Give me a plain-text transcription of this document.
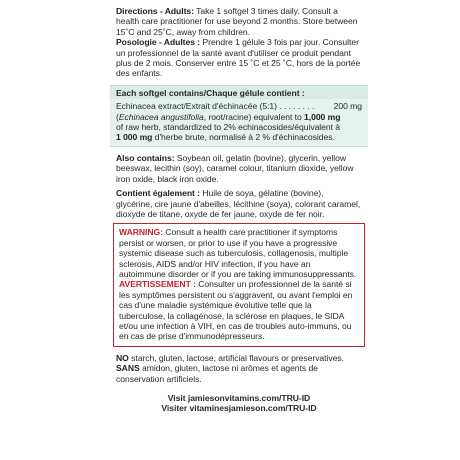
Directions - Adults: Take 1 softgel 3 times daily. Consult a health care practitioner for use beyond 2 months. Store between 15˚C and 25˚C, away from children.

Posologie - Adultes : Prendre 1 gélule 3 fois par jour. Consulter un professionnel de la santé avant d'utiliser ce produit pendant plus de 2 mois. Conserver entre 15 ˚C et 25 ˚C, hors de la portée des enfants.

Each softgel contains/Chaque gélule contient :
Echinacea extract/Extrait d'échinacée (5:1) . . . . . . . . 200 mg
(Echinacea angustifolia, root/racine) equivalent to 1,000 mg
of raw herb, standardized to 2% echinacosides/équivalent à
1 000 mg d'herbe brute, normalisé à 2 % d'échinacosides.

Also contains: Soybean oil, gelatin (bovine), glycerin, yellow beeswax, lecithin (soy), caramel colour, titanium dioxide, yellow iron oxide, black iron oxide.

Contient également : Huile de soya, gélatine (bovine), glycérine, cire jaune d'abeilles, lécithine (soya), colorant caramel, dioxyde de titane, oxyde de fer jaune, oxyde de fer noir.

WARNING: Consult a health care practitioner if symptoms persist or worsen, or prior to use if you have a progressive systemic disease such as tuberculosis, collagenosis, multiple sclerosis, AIDS and/or HIV infection, if you have an autoimmune disorder or if you are taking immunosuppressants.

AVERTISSEMENT : Consulter un professionnel de la santé si les symptômes persistent ou s'aggravent, ou avant l'emploi en cas d'une maladie systémique évolutive telle que la tuberculose, la collagénose, la sclérose en plaques, le SIDA et/ou une infection à VIH, en cas de troubles auto-immuns, ou en cas de prise d'immunodépresseurs.

NO starch, gluten, lactose, artificial flavours or preservatives.

SANS amidon, gluten, lactose ni arômes et agents de conservation artificiels.

Visit jamiesonvitamins.com/TRU-ID

Visiter vitaminesjamieson.com/TRU-ID
